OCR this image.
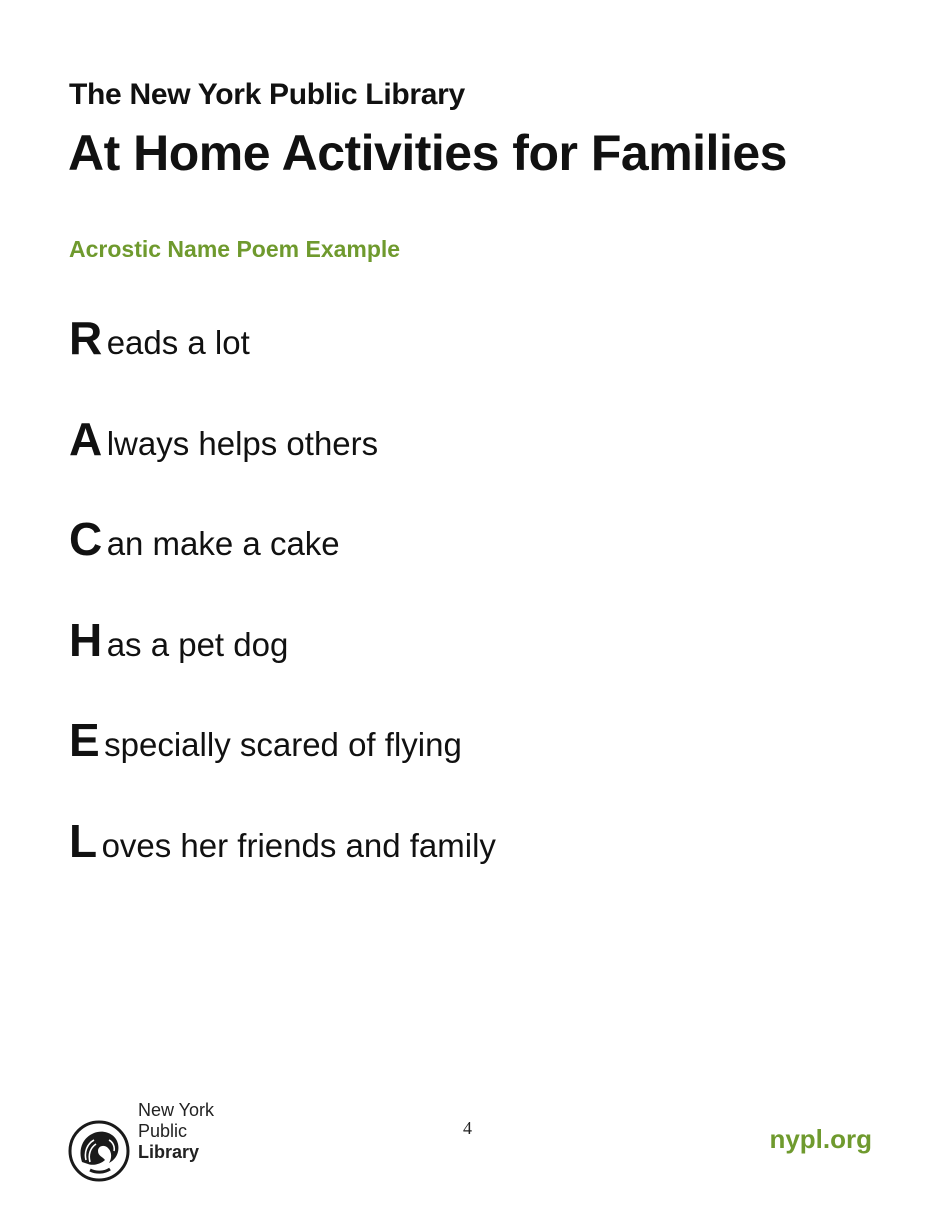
The New York Public Library
At Home Activities for Families
Acrostic Name Poem Example
R eads a lot
A lways helps others
C an make a cake
H as a pet dog
E specially scared of flying
L oves her friends and family
New York
Public
Library
4	nypl.org
